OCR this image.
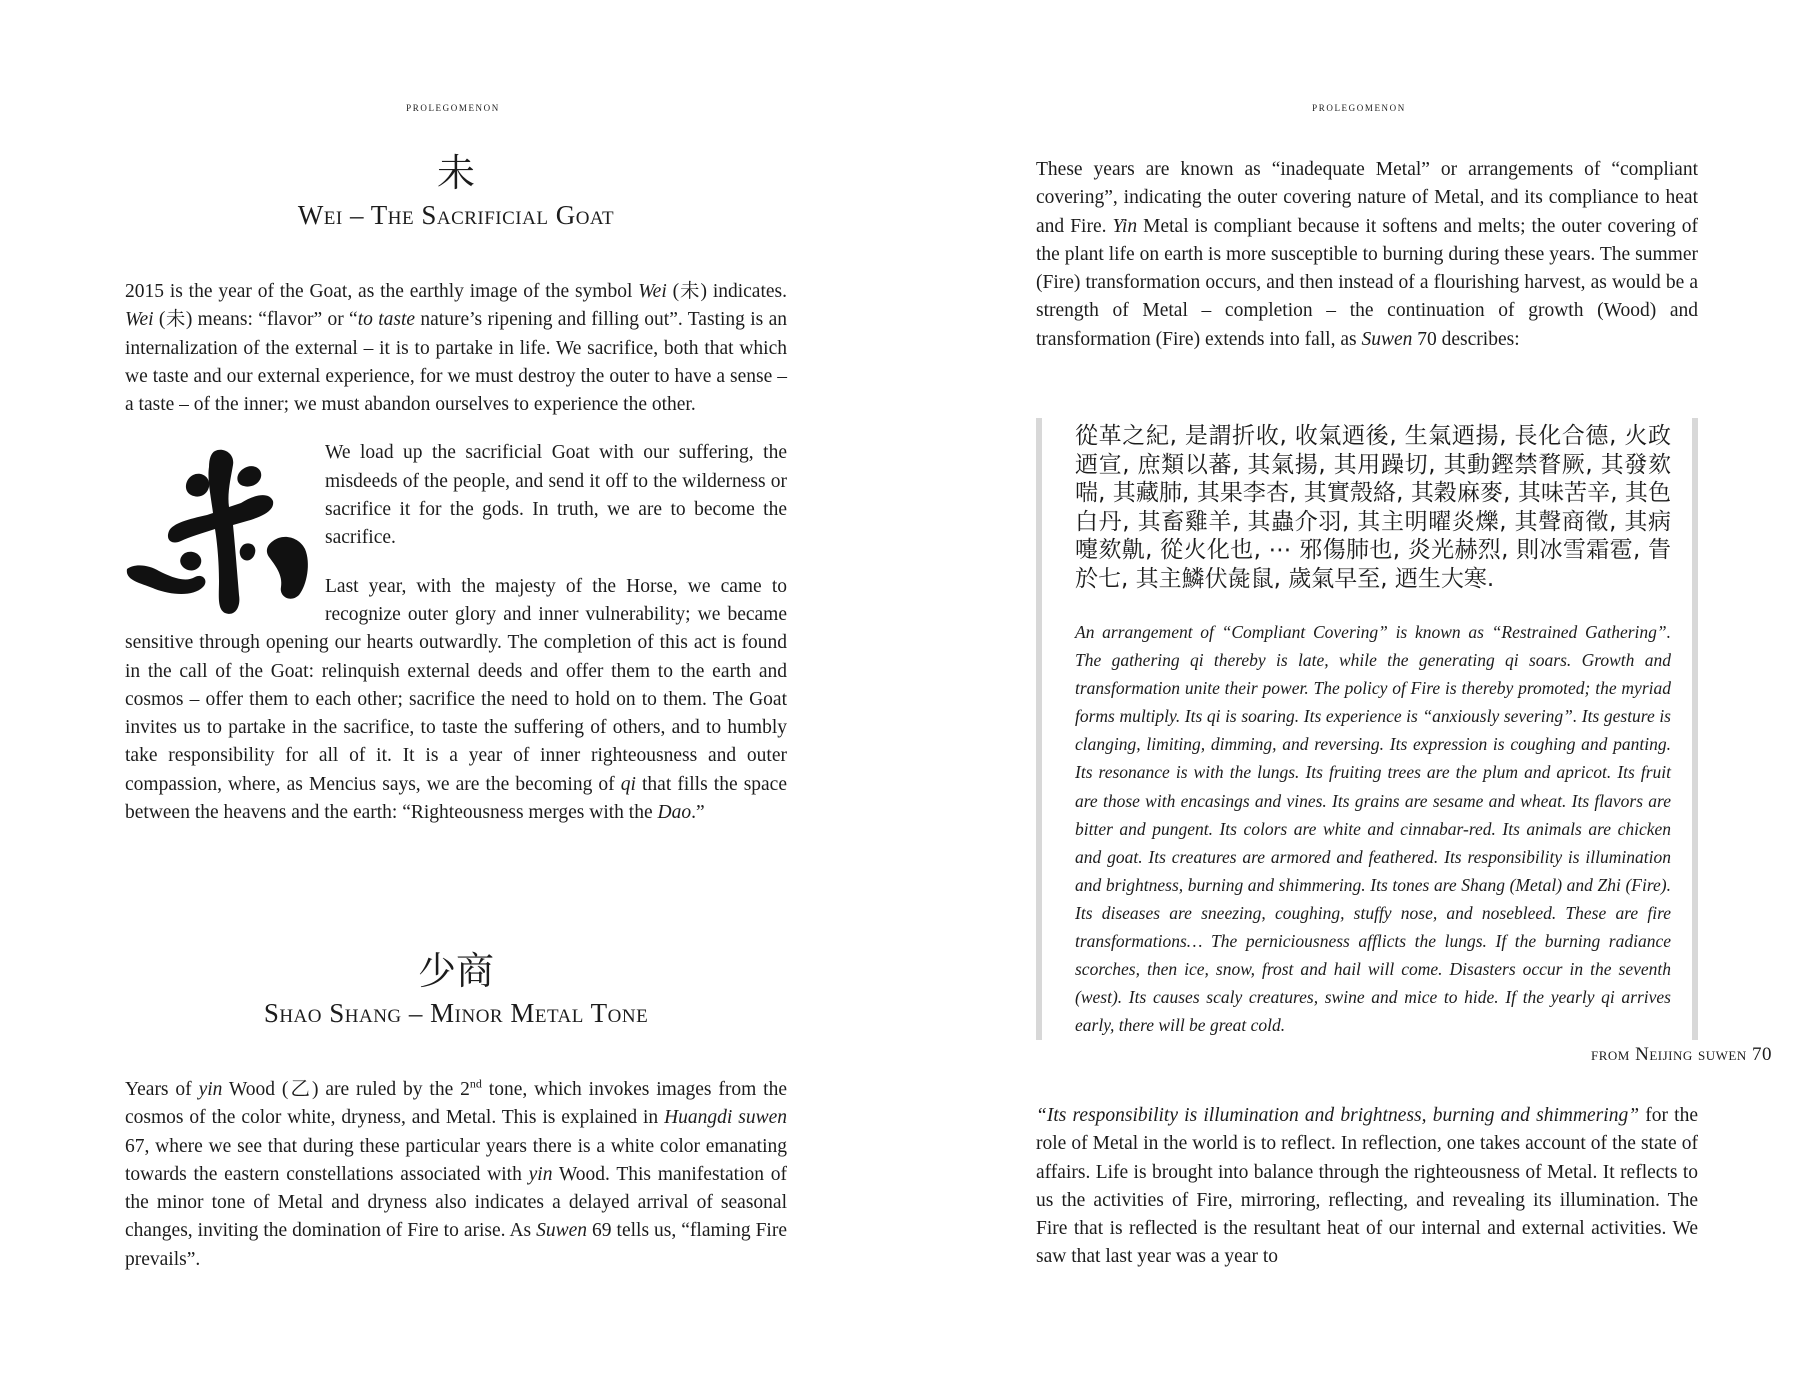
prolegomenon
未
Wei – The Sacrificial Goat

2015 is the year of the Goat, as the earthly image of the symbol Wei (未) indicates. Wei (未) means: “flavor” or “to taste nature’s ripening and filling out”. Tasting is an internalization of the external – it is to partake in life. We sacrifice, both that which we taste and our external experience, for we must destroy the outer to have a sense – a taste – of the inner; we must abandon ourselves to experience the other.

We load up the sacrificial Goat with our suffering, the misdeeds of the people, and send it off to the wilderness or sacrifice it for the gods. In truth, we are to become the sacrifice.

Last year, with the majesty of the Horse, we came to recognize outer glory and inner vulnerability; we became sensitive through opening our hearts outwardly. The completion of this act is found in the call of the Goat: relinquish external deeds and offer them to the earth and cosmos – offer them to each other; sacrifice the need to hold on to them. The Goat invites us to partake in the sacrifice, to taste the suffering of others, and to humbly take responsibility for all of it. It is a year of inner righteousness and outer compassion, where, as Mencius says, we are the becoming of qi that fills the space between the heavens and the earth: “Righteousness merges with the Dao.”

少商
Shao Shang – Minor Metal Tone

Years of yin Wood (乙) are ruled by the 2nd tone, which invokes images from the cosmos of the color white, dryness, and Metal. This is explained in Huangdi suwen 67, where we see that during these particular years there is a white color emanating towards the eastern constellations associated with yin Wood. This manifestation of the minor tone of Metal and dryness also indicates a delayed arrival of seasonal changes, inviting the domination of Fire to arise. As Suwen 69 tells us, “flaming Fire prevails”.

prolegomenon

These years are known as “inadequate Metal” or arrangements of “compliant covering”, indicating the outer covering nature of Metal, and its compliance to heat and Fire. Yin Metal is compliant because it softens and melts; the outer covering of the plant life on earth is more susceptible to burning during these years. The summer (Fire) transformation occurs, and then instead of a flourishing harvest, as would be a strength of Metal – completion – the continuation of growth (Wood) and transformation (Fire) extends into fall, as Suwen 70 describes:

從革之紀, 是謂折收, 收氣迺後, 生氣迺揚, 長化合德, 火政迺宣, 庶類以蕃, 其氣揚, 其用躁切, 其動鏗禁瞀厥, 其發欬喘, 其藏肺, 其果李杏, 其實殼絡, 其穀麻麥, 其味苦辛, 其色白丹, 其畜雞羊, 其蟲介羽, 其主明曜炎爍, 其聲商徵, 其病嚏欬鼽, 從火化也, ⋯ 邪傷肺也, 炎光赫烈, 則冰雪霜雹, 眚於七, 其主鱗伏彘鼠, 歲氣早至, 迺生大寒.
An arrangement of “Compliant Covering” is known as “Restrained Gathering”. The gathering qi thereby is late, while the generating qi soars. Growth and transformation unite their power. The policy of Fire is thereby promoted; the myriad forms multiply. Its qi is soaring. Its experience is “anxiously severing”. Its gesture is clanging, limiting, dimming, and reversing. Its expression is coughing and panting. Its resonance is with the lungs. Its fruiting trees are the plum and apricot. Its fruit are those with encasings and vines. Its grains are sesame and wheat. Its flavors are bitter and pungent. Its colors are white and cinnabar-red. Its animals are chicken and goat. Its creatures are armored and feathered. Its responsibility is illumination and brightness, burning and shimmering. Its tones are Shang (Metal) and Zhi (Fire). Its diseases are sneezing, coughing, stuffy nose, and nosebleed. These are fire transformations… The perniciousness afflicts the lungs. If the burning radiance scorches, then ice, snow, frost and hail will come. Disasters occur in the seventh (west). Its causes scaly creatures, swine and mice to hide. If the yearly qi arrives early, there will be great cold.
from Neijing suwen 70

“Its responsibility is illumination and brightness, burning and shimmering” for the role of Metal in the world is to reflect. In reflection, one takes account of the state of affairs. Life is brought into balance through the righteousness of Metal. It reflects to us the activities of Fire, mirroring, reflecting, and revealing its illumination. The Fire that is reflected is the resultant heat of our internal and external activities. We saw that last year was a year to
